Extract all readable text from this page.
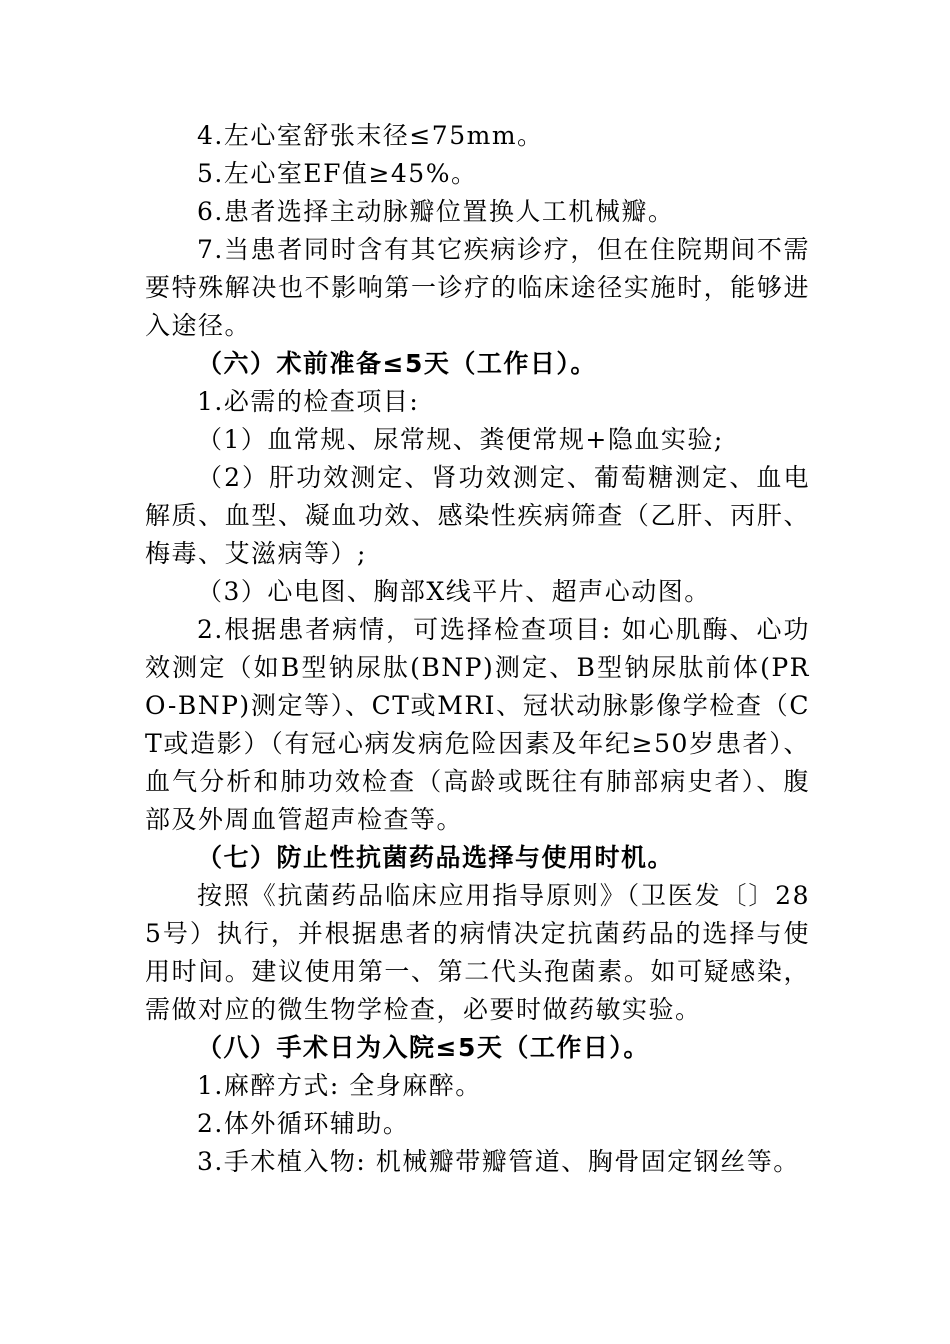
4.左心室舒张末径≤75mm。

5.左心室EF值≥45%。

6.患者选择主动脉瓣位置换人工机械瓣。

7.当患者同时含有其它疾病诊疗，但在住院期间不需要特殊解决也不影响第一诊疗的临床途径实施时，能够进入途径。

（六）术前准备≤5天（工作日）。

1.必需的检查项目:

（1）血常规、尿常规、粪便常规+隐血实验;

（2）肝功效测定、肾功效测定、葡萄糖测定、血电解质、血型、凝血功效、感染性疾病筛查（乙肝、丙肝、梅毒、艾滋病等）;

（3）心电图、胸部X线平片、超声心动图。

2.根据患者病情，可选择检查项目: 如心肌酶、心功效测定（如B型钠尿肽(BNP)测定、B型钠尿肽前体(PRO-BNP)测定等）、CT或MRI、冠状动脉影像学检查（CT或造影）（有冠心病发病危险因素及年纪≥50岁患者）、血气分析和肺功效检查（高龄或既往有肺部病史者）、腹部及外周血管超声检查等。

（七）防止性抗菌药品选择与使用时机。

按照《抗菌药品临床应用指导原则》（卫医发〔〕285号）执行，并根据患者的病情决定抗菌药品的选择与使用时间。建议使用第一、第二代头孢菌素。如可疑感染，需做对应的微生物学检查，必要时做药敏实验。

（八）手术日为入院≤5天（工作日）。

1.麻醉方式: 全身麻醉。

2.体外循环辅助。

3.手术植入物: 机械瓣带瓣管道、胸骨固定钢丝等。
